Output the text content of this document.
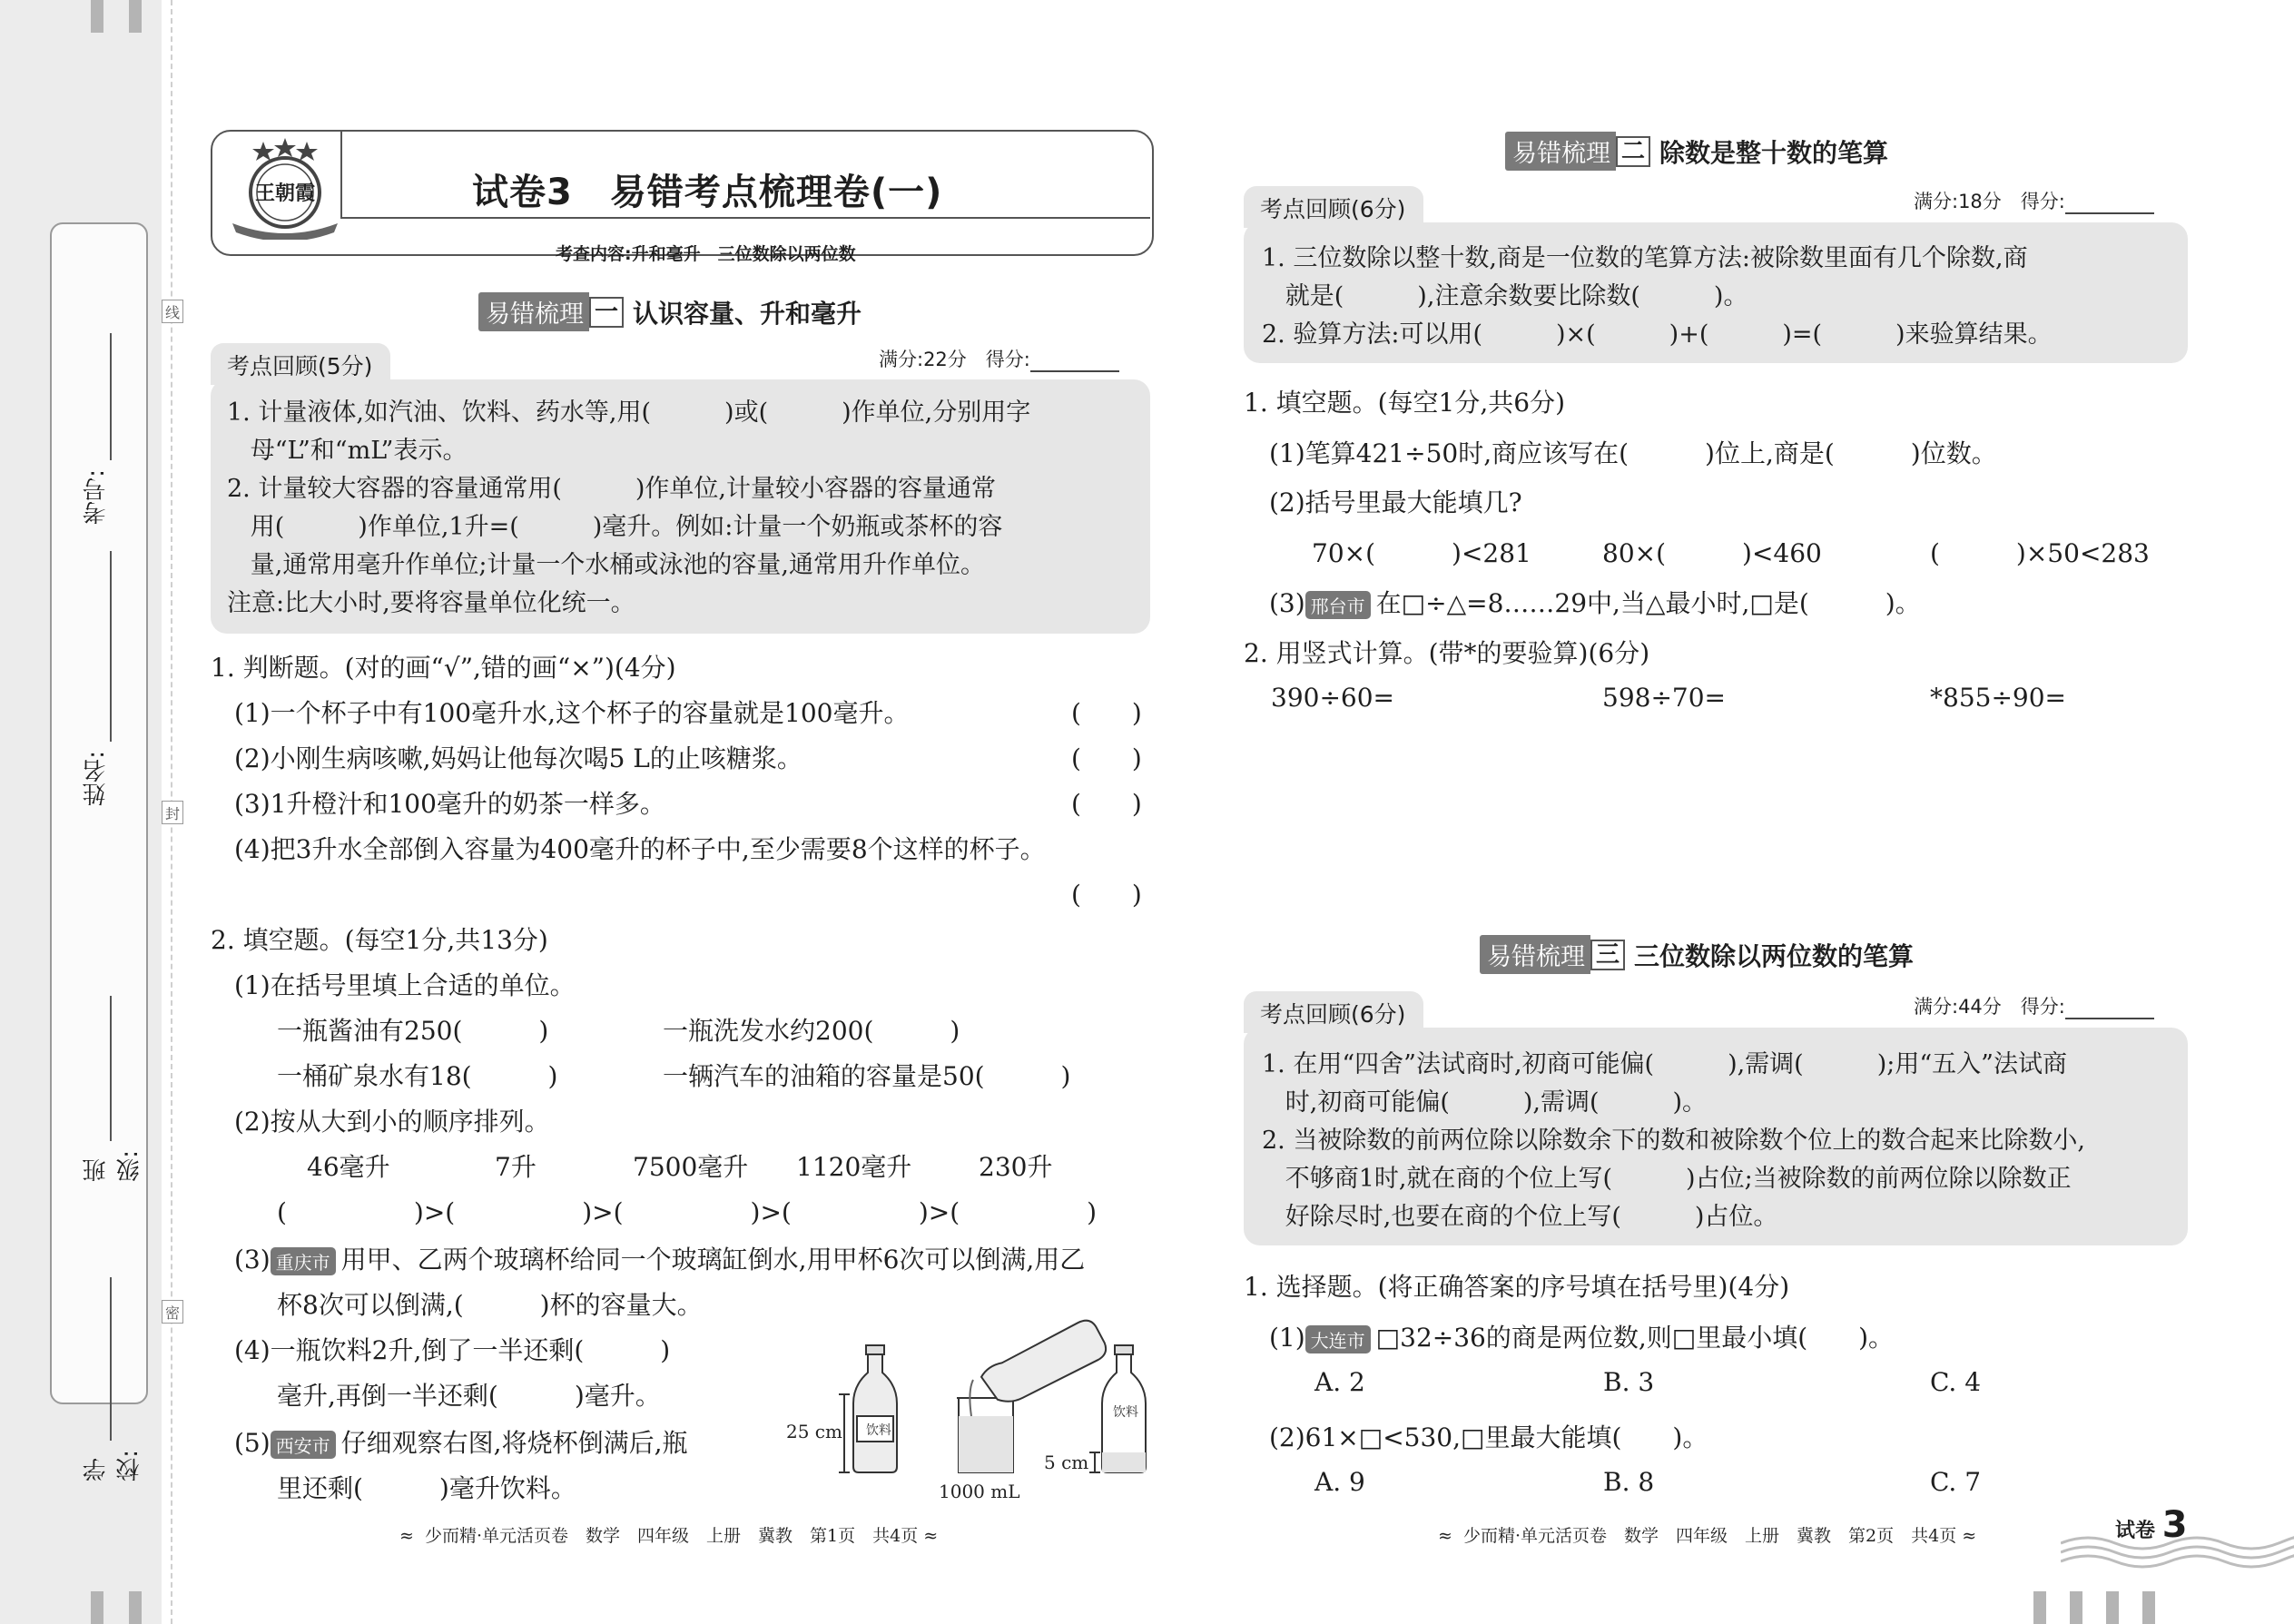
线
封
密
考号:
姓名:
班级:
学校:
王朝霞	试卷3　易错考点梳理卷(一)
考查内容:升和毫升　三位数除以两位数
易错梳理 一 认识容量、升和毫升
考点回顾(5分)	满分:22分　得分:
1. 计量液体,如汽油、饮料、药水等,用(　　　)或(　　　)作单位,分别用字
母“L”和“mL”表示。
2. 计量较大容器的容量通常用(　　　)作单位,计量较小容器的容量通常
用(　　　)作单位,1升=(　　　)毫升。例如:计量一个奶瓶或茶杯的容
量,通常用毫升作单位;计量一个水桶或泳池的容量,通常用升作单位。
注意:比大小时,要将容量单位化统一。
1. 判断题。(对的画“√”,错的画“×”)(4分)
(1)一个杯子中有100毫升水,这个杯子的容量就是100毫升。	(　　)
(2)小刚生病咳嗽,妈妈让他每次喝5 L的止咳糖浆。	(　　)
(3)1升橙汁和100毫升的奶茶一样多。	(　　)
(4)把3升水全部倒入容量为400毫升的杯子中,至少需要8个这样的杯子。
(　　)
2. 填空题。(每空1分,共13分)
(1)在括号里填上合适的单位。
一瓶酱油有250(　　　)	一瓶洗发水约200(　　　)
一桶矿泉水有18(　　　)	一辆汽车的油箱的容量是50(　　　)
(2)按从大到小的顺序排列。
46毫升	7升	7500毫升 1120毫升	230升
(　　　　　)>(　　　　　)>(　　　　　)>(　　　　　)>(　　　　　)
(3) 重庆市 用甲、乙两个玻璃杯给同一个玻璃缸倒水,用甲杯6次可以倒满,用乙
杯8次可以倒满,(　　　)杯的容量大。
(4)一瓶饮料2升,倒了一半还剩(　　　)
毫升,再倒一半还剩(　　　)毫升。
(5) 西安市 仔细观察右图,将烧杯倒满后,瓶
里还剩(　　　)毫升饮料。
饮料
饮料
25 cm
5 cm
1000 mL
≈  少而精·单元活页卷　数学　四年级　上册　冀教　第1页　共4页 ≈
易错梳理 二 除数是整十数的笔算
考点回顾(6分)	满分:18分　得分:
1. 三位数除以整十数,商是一位数的笔算方法:被除数里面有几个除数,商
就是(　　　),注意余数要比除数(　　　)。
2. 验算方法:可以用(　　　)×(　　　)+(　　　)=(　　　)来验算结果。
1. 填空题。(每空1分,共6分)
(1)笔算421÷50时,商应该写在(　　　)位上,商是(　　　)位数。
(2)括号里最大能填几?
70×(　　　)<281	80×(　　　)<460	(　　　)×50<283
(3) 邢台市 在□÷△=8……29中,当△最小时,□是(　　　)。
2. 用竖式计算。(带*的要验算)(6分)
390÷60=	598÷70=	*855÷90=
易错梳理 三 三位数除以两位数的笔算
考点回顾(6分)	满分:44分　得分:
1. 在用“四舍”法试商时,初商可能偏(　　　),需调(　　　);用“五入”法试商
时,初商可能偏(　　　),需调(　　　)。
2. 当被除数的前两位除以除数余下的数和被除数个位上的数合起来比除数小,
不够商1时,就在商的个位上写(　　　)占位;当被除数的前两位除以除数正
好除尽时,也要在商的个位上写(　　　)占位。
1. 选择题。(将正确答案的序号填在括号里)(4分)
(1) 大连市 □32÷36的商是两位数,则□里最小填(　　)。
A. 2	B. 3	C. 4
(2)61×□<530,□里最大能填(　　)。
A. 9	B. 8	C. 7
≈  少而精·单元活页卷　数学　四年级　上册　冀教　第2页　共4页 ≈	试卷 3
